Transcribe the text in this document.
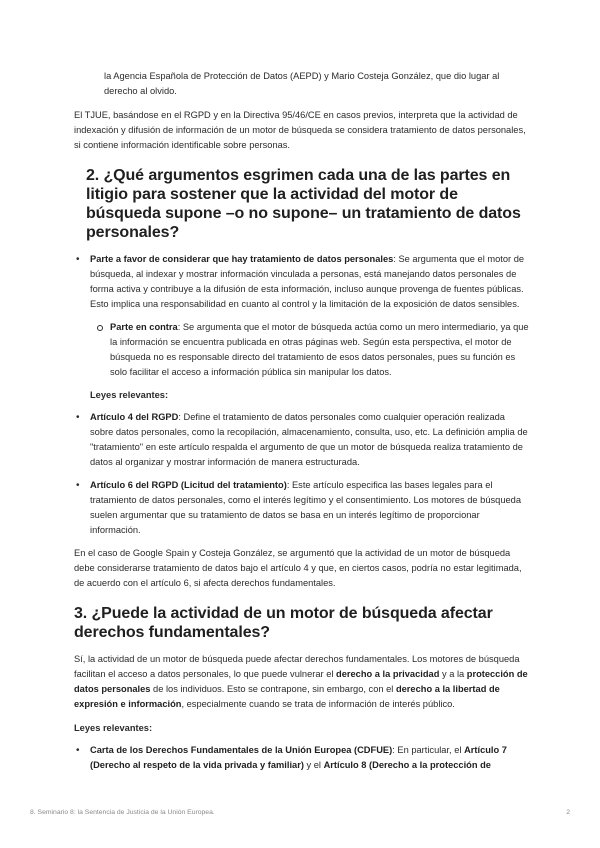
la Agencia Española de Protección de Datos (AEPD) y Mario Costeja González, que dio lugar al derecho al olvido.

El TJUE, basándose en el RGPD y en la Directiva 95/46/CE en casos previos, interpreta que la actividad de indexación y difusión de información de un motor de búsqueda se considera tratamiento de datos personales, si contiene información identificable sobre personas.

2. ¿Qué argumentos esgrimen cada una de las partes en litigio para sostener que la actividad del motor de búsqueda supone –o no supone– un tratamiento de datos personales?
• Parte a favor de considerar que hay tratamiento de datos personales: Se argumenta que el motor de búsqueda, al indexar y mostrar información vinculada a personas, está manejando datos personales de forma activa y contribuye a la difusión de esta información, incluso aunque provenga de fuentes públicas. Esto implica una responsabilidad en cuanto al control y la limitación de la exposición de datos sensibles.
Parte en contra: Se argumenta que el motor de búsqueda actúa como un mero intermediario, ya que la información se encuentra publicada en otras páginas web. Según esta perspectiva, el motor de búsqueda no es responsable directo del tratamiento de esos datos personales, pues su función es solo facilitar el acceso a información pública sin manipular los datos.

Leyes relevantes:

• Artículo 4 del RGPD: Define el tratamiento de datos personales como cualquier operación realizada sobre datos personales, como la recopilación, almacenamiento, consulta, uso, etc. La definición amplia de "tratamiento" en este artículo respalda el argumento de que un motor de búsqueda realiza tratamiento de datos al organizar y mostrar información de manera estructurada.
• Artículo 6 del RGPD (Licitud del tratamiento): Este artículo especifica las bases legales para el tratamiento de datos personales, como el interés legítimo y el consentimiento. Los motores de búsqueda suelen argumentar que su tratamiento de datos se basa en un interés legítimo de proporcionar información.

En el caso de Google Spain y Costeja González, se argumentó que la actividad de un motor de búsqueda debe considerarse tratamiento de datos bajo el artículo 4 y que, en ciertos casos, podría no estar legitimada, de acuerdo con el artículo 6, si afecta derechos fundamentales.

3. ¿Puede la actividad de un motor de búsqueda afectar derechos fundamentales?

Sí, la actividad de un motor de búsqueda puede afectar derechos fundamentales. Los motores de búsqueda facilitan el acceso a datos personales, lo que puede vulnerar el derecho a la privacidad y a la protección de datos personales de los individuos. Esto se contrapone, sin embargo, con el derecho a la libertad de expresión e información, especialmente cuando se trata de información de interés público.

Leyes relevantes:

• Carta de los Derechos Fundamentales de la Unión Europea (CDFUE): En particular, el Artículo 7 (Derecho al respeto de la vida privada y familiar) y el Artículo 8 (Derecho a la protección de
8. Seminario 8: la Sentencia de Justicia de la Unión Europea.	2
